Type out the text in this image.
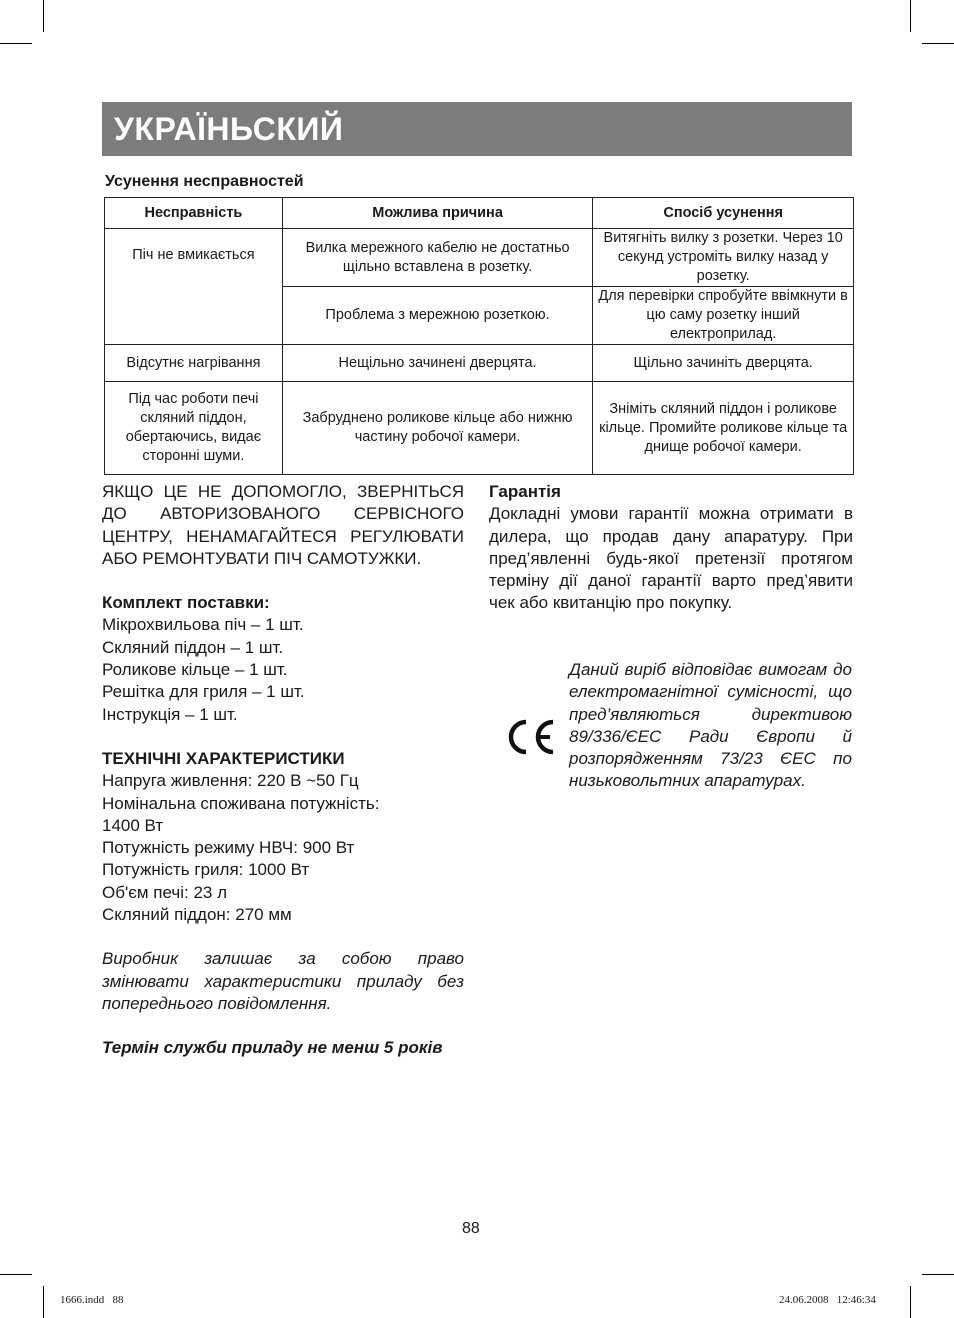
УКРАЇНЬСКИЙ
Усунення несправностей
Несправність	Можлива причина	Спосіб усунення
Піч не вмикається	Вилка мережного кабелю не достатньо щільно вставлена в розетку.	Витягніть вилку з розетки. Через 10 секунд устроміть вилку назад у розетку.
	Проблема з мережною розеткою.	Для перевірки спробуйте ввімкнути в цю саму розетку інший електроприлад.
Відсутнє нагрівання	Нещільно зачинені дверцята.	Щільно зачиніть дверцята.
Під час роботи печі скляний піддон, обертаючись, видає сторонні шуми.	Забруднено роликове кільце або нижню частину робочої камери.	Зніміть скляний піддон і роликове кільце. Промийте роликове кільце та днище робочої камери.
ЯКЩО ЦЕ НЕ ДОПОМОГЛО, ЗВЕРНІТЬСЯ ДО АВТОРИЗОВАНОГО СЕРВІСНОГО ЦЕНТРУ, НЕНАМАГАЙТЕСЯ РЕГУЛЮВАТИ АБО РЕМОНТУВАТИ ПІЧ САМОТУЖКИ.
Комплект поставки:
Мікрохвильова піч – 1 шт.
Скляний піддон – 1 шт.
Роликове кільце – 1 шт.
Решітка для гриля – 1 шт.
Інструкція – 1 шт.
ТЕХНІЧНІ ХАРАКТЕРИСТИКИ
Напруга живлення: 220 В ~50 Гц
Номінальна споживана потужність:
1400 Вт
Потужність режиму НВЧ: 900 Вт
Потужність гриля: 1000 Вт
Об'єм печі: 23 л
Скляний піддон: 270 мм
Виробник залишає за собою право змінювати характеристики приладу без попереднього повідомлення.
Термін служби приладу не менш 5 років
Гарантія
Докладні умови гарантії можна отримати в дилера, що продав дану апаратуру. При пред’явленні будь-якої претензії протягом терміну дії даної гарантії варто пред’явити чек або квитанцію про покупку.
Даний виріб відповідає вимогам до електромагнітної сумісності, що пред’являються директивою 89/336/ЄЕС Ради Європи й розпорядженням 73/23 ЄЕС по низьковольтних апаратурах.
88
1666.indd   88	24.06.2008   12:46:34
